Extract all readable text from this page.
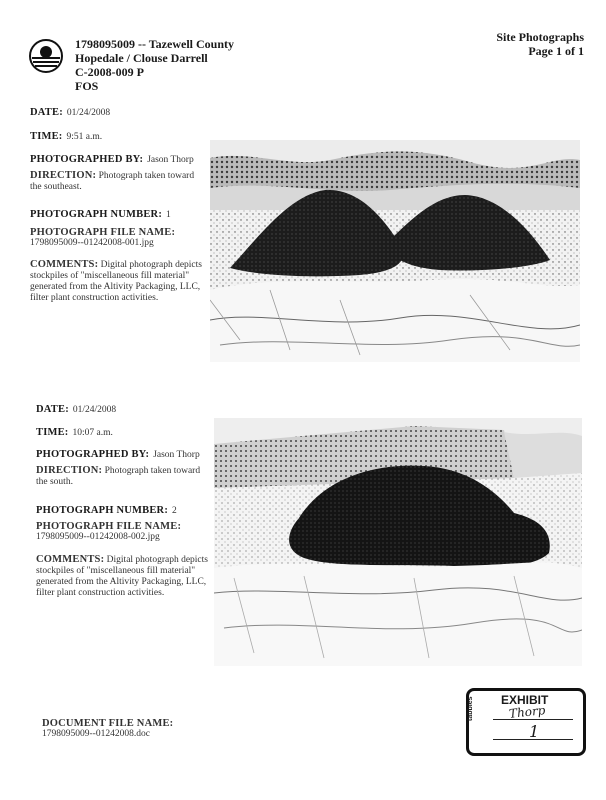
1798095009 -- Tazewell County
Hopedale / Clouse Darrell
C-2008-009 P
FOS
Site Photographs
Page 1 of 1
DATE: 01/24/2008
TIME: 9:51 a.m.
PHOTOGRAPHED BY: Jason Thorp
DIRECTION: Photograph taken toward the southeast.
PHOTOGRAPH NUMBER: 1
PHOTOGRAPH FILE NAME:
1798095009--01242008-001.jpg
COMMENTS: Digital photograph depicts stockpiles of "miscellaneous fill material" generated from the Altivity Packaging, LLC, filter plant construction activities.
DATE: 01/24/2008
TIME: 10:07 a.m.
PHOTOGRAPHED BY: Jason Thorp
DIRECTION: Photograph taken toward the south.
PHOTOGRAPH NUMBER: 2
PHOTOGRAPH FILE NAME:
1798095009--01242008-002.jpg
COMMENTS: Digital photograph depicts stockpiles of "miscellaneous fill material" generated from the Altivity Packaging, LLC, filter plant construction activities.
DOCUMENT FILE NAME:
1798095009--01242008.doc
tabbies EXHIBIT
Thorp
1
